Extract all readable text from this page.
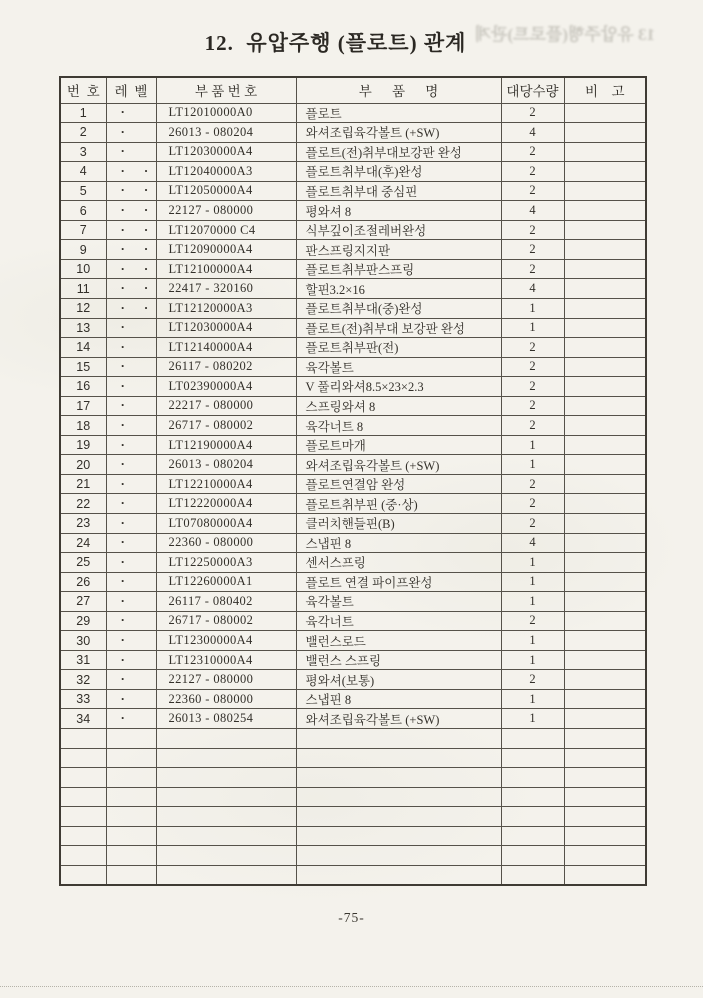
13 유압주행(플로트)관계
12.  유압주행 (플로트) 관계
번  호	레  벨	부 품 번 호	부      품      명	대당수량	비    고
1	·	LT12010000A0	플로트	2	
2	·	26013 - 080204	와셔조립육각볼트 (+SW)	4	
3	·	LT12030000A4	플로트(전)취부대보강판 완성	2	
4	· ·	LT12040000A3	플로트취부대(후)완성	2	
5	· ·	LT12050000A4	플로트취부대 중심핀	2	
6	· ·	22127 - 080000	평와셔 8	4	
7	· ·	LT12070000 C4	식부깊이조절레버완성	2	
9	· ·	LT12090000A4	판스프링지지판	2	
10	· ·	LT12100000A4	플로트취부판스프링	2	
11	· ·	22417 - 320160	할핀3.2×16	4	
12	· ·	LT12120000A3	플로트취부대(중)완성	1	
13	·	LT12030000A4	플로트(전)취부대 보강판 완성	1	
14	·	LT12140000A4	플로트취부판(전)	2	
15	·	26117 - 080202	육각볼트	2	
16	·	LT02390000A4	V 풀리와셔8.5×23×2.3	2	
17	·	22217 - 080000	스프링와셔 8	2	
18	·	26717 - 080002	육각너트 8	2	
19	·	LT12190000A4	플로트마개	1	
20	·	26013 - 080204	와셔조립육각볼트 (+SW)	1	
21	·	LT12210000A4	플로트연결암 완성	2	
22	·	LT12220000A4	플로트취부핀 (중·상)	2	
23	·	LT07080000A4	클러치핸들핀(B)	2	
24	·	22360 - 080000	스냅핀 8	4	
25	·	LT12250000A3	센서스프링	1	
26	·	LT12260000A1	플로트 연결 파이프완성	1	
27	·	26117 - 080402	육각볼트	1	
29	·	26717 - 080002	육각너트	2	
30	·	LT12300000A4	밸런스로드	1	
31	·	LT12310000A4	밸런스 스프링	1	
32	·	22127 - 080000	평와셔(보통)	2	
33	·	22360 - 080000	스냅핀 8	1	
34	·	26013 - 080254	와셔조립육각볼트 (+SW)	1	

-75-
